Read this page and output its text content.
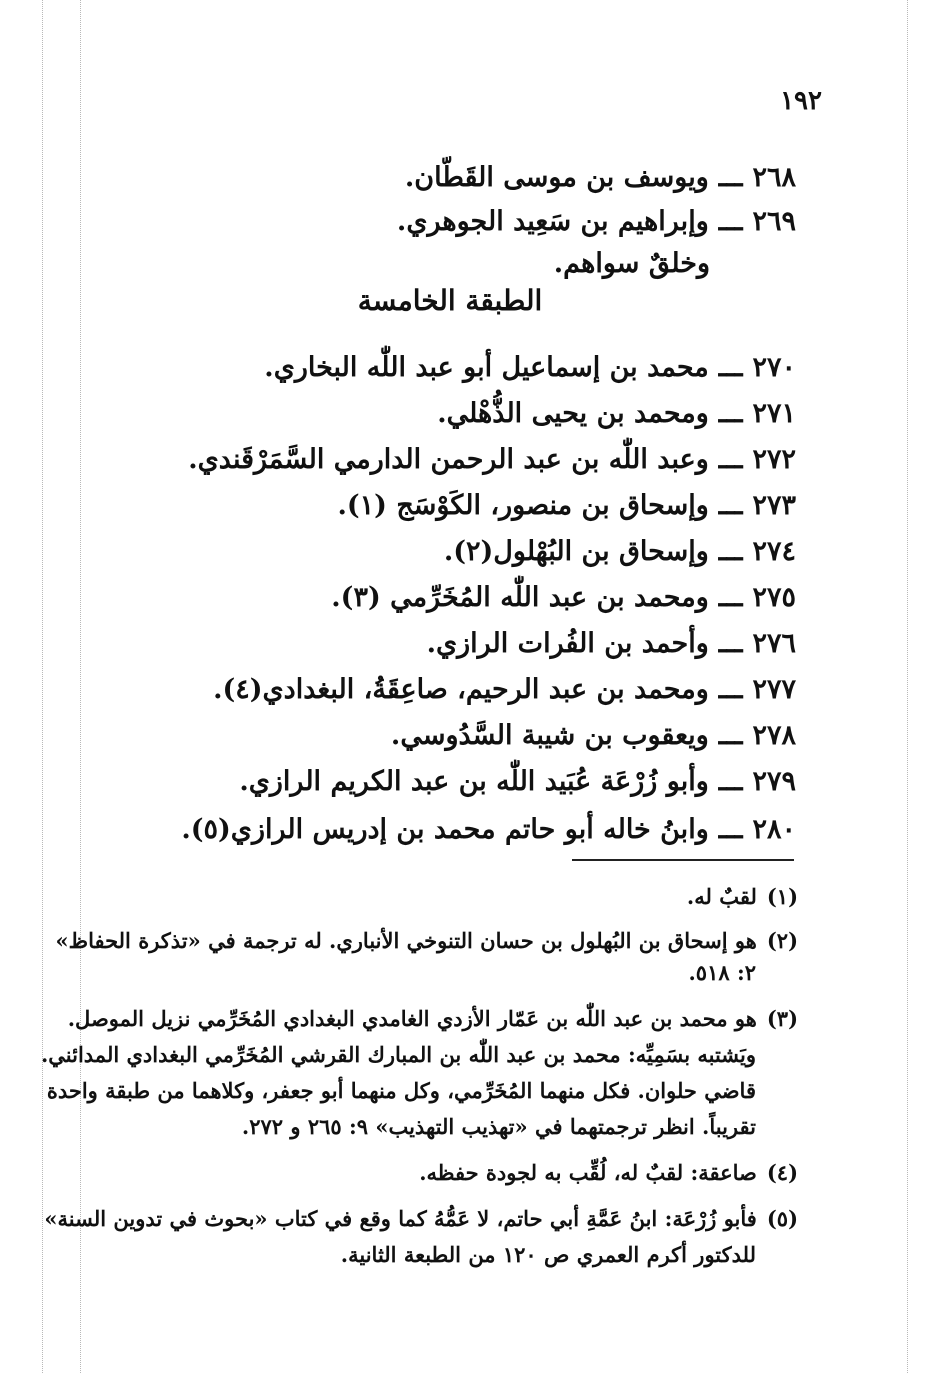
١٩٢
٢٦٨ـــويوسف بن موسى القَطّان.
٢٦٩ـــوإبراهيم بن سَعِيد الجوهري.
وخلقٌ سواهم.
الطبقة الخامسة
٢٧٠ـــمحمد بن إسماعيل أبو عبد اللّٰه البخاري.
٢٧١ـــومحمد بن يحيى الذُّهْلي.
٢٧٢ـــوعبد اللّٰه بن عبد الرحمن الدارمي السَّمَرْقَندي.
٢٧٣ـــوإسحاق بن منصور، الكَوْسَج (١).
٢٧٤ـــوإسحاق بن البُهْلول(٢).
٢٧٥ـــومحمد بن عبد اللّٰه المُخَرِّمي (٣).
٢٧٦ـــوأحمد بن الفُرات الرازي.
٢٧٧ـــومحمد بن عبد الرحيم، صاعِقَةُ، البغدادي(٤).
٢٧٨ـــويعقوب بن شيبة السَّدُوسي.
٢٧٩ـــوأبو زُرْعَة عُبَيد اللّٰه بن عبد الكريم الرازي.
٢٨٠ـــوابنُ خاله أبو حاتم محمد بن إدريس الرازي(٥).
(١)لقبٌ له.
(٢)هو إسحاق بن البُهلول بن حسان التنوخي الأنباري. له ترجمة في «تذكرة الحفاظ»
٢: ٥١٨.
(٣)هو محمد بن عبد اللّٰه بن عَمّار الأزدي الغامدي البغدادي المُخَرِّمي نزيل الموصل.
ويَشتبه بسَمِيِّه: محمد بن عبد اللّٰه بن المبارك القرشي المُخَرِّمي البغدادي المدائني.
قاضي حلوان. فكل منهما المُخَرِّمي، وكل منهما أبو جعفر، وكلاهما من طبقة واحدة
تقريباً. انظر ترجمتهما في «تهذيب التهذيب» ٩: ٢٦٥ و ٢٧٢.
(٤)صاعقة: لقبٌ له، لُقِّب به لجودة حفظه.
(٥)فأبو زُرْعَة: ابنُ عَمَّةِ أبي حاتم، لا عَمُّهُ كما وقع في كتاب «بحوث في تدوين السنة»
للدكتور أكرم العمري ص ١٢٠ من الطبعة الثانية.
